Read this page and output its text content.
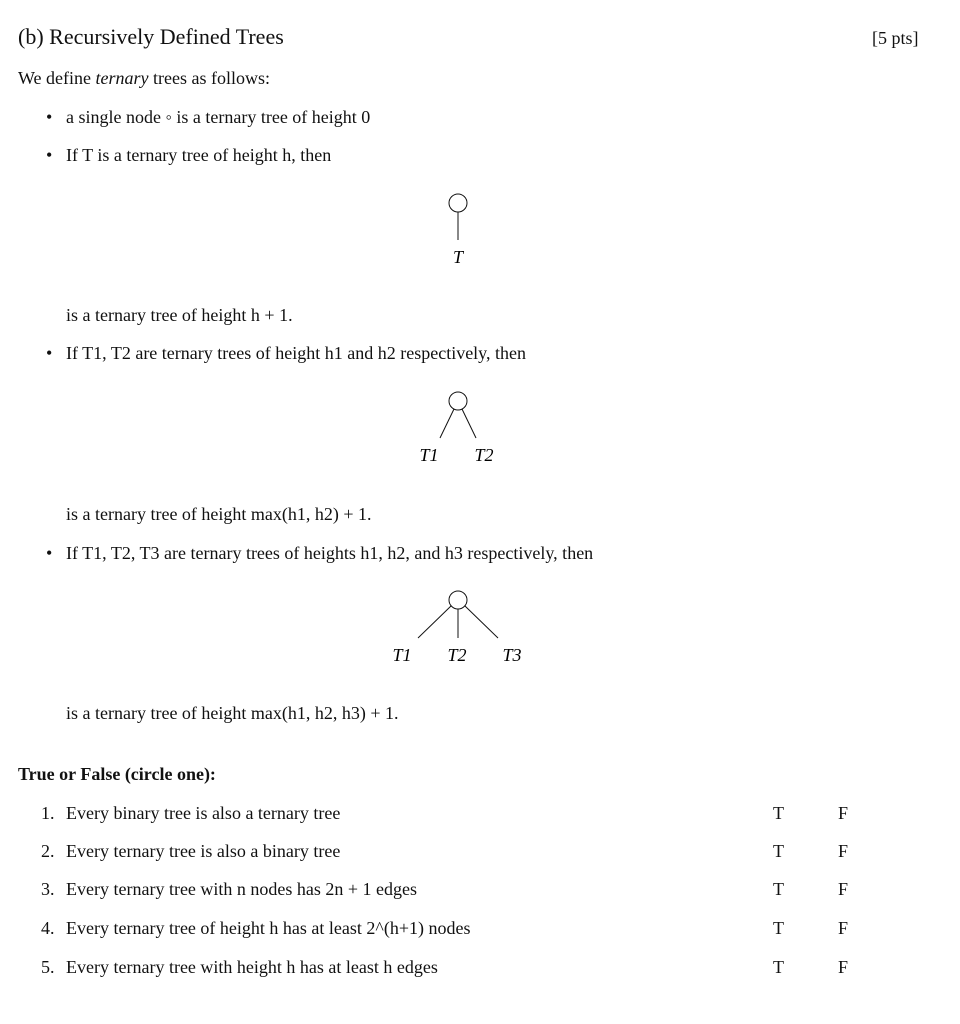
(b) Recursively Defined Trees	[5 pts]
We define ternary trees as follows:
• a single node ◦ is a ternary tree of height 0
• If T is a ternary tree of height h, then
is a ternary tree of height h + 1.
• If T1, T2 are ternary trees of height h1 and h2 respectively, then
is a ternary tree of height max(h1, h2) + 1.
• If T1, T2, T3 are ternary trees of heights h1, h2, and h3 respectively, then
is a ternary tree of height max(h1, h2, h3) + 1.
T
T1 T2
T1 T2 T3
True or False (circle one):
1. Every binary tree is also a ternary tree	T	F
2. Every ternary tree is also a binary tree	T	F
3. Every ternary tree with n nodes has 2n + 1 edges	T	F
4. Every ternary tree of height h has at least 2^(h+1) nodes	T	F
5. Every ternary tree with height h has at least h edges	T	F
